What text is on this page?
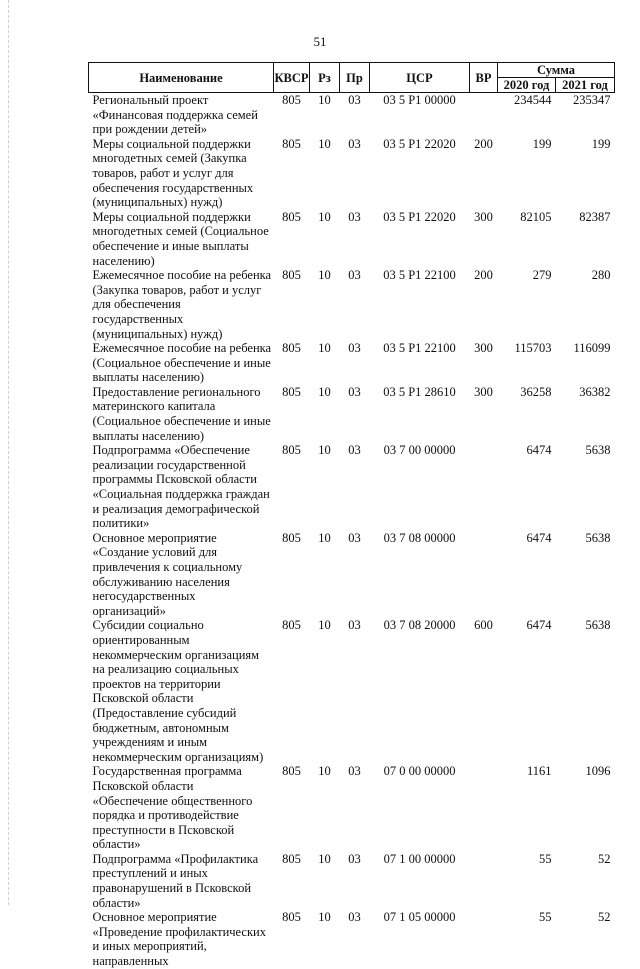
51
Наименование	КВСР	Рз	Пр	ЦСР	ВР	Сумма	
						2020 год	2021 год
Региональный проект «Финансовая поддержка семей при рождении детей»	805	10	03	03 5 P1 00000		234544	235347
Меры социальной поддержки многодетных семей (Закупка товаров, работ и услуг для обеспечения государственных (муниципальных) нужд)	805	10	03	03 5 P1 22020	200	199	199
Меры социальной поддержки многодетных семей (Социальное обеспечение и иные выплаты населению)	805	10	03	03 5 P1 22020	300	82105	82387
Ежемесячное пособие на ребенка (Закупка товаров, работ и услуг для обеспечения государственных (муниципальных) нужд)	805	10	03	03 5 P1 22100	200	279	280
Ежемесячное пособие на ребенка (Социальное обеспечение и иные выплаты населению)	805	10	03	03 5 P1 22100	300	115703	116099
Предоставление регионального материнского капитала (Социальное обеспечение и иные выплаты населению)	805	10	03	03 5 P1 28610	300	36258	36382
Подпрограмма «Обеспечение реализации государственной программы Псковской области «Социальная поддержка граждан и реализация демографической политики»	805	10	03	03 7 00 00000		6474	5638
Основное мероприятие «Создание условий для привлечения к социальному обслуживанию населения негосударственных организаций»	805	10	03	03 7 08 00000		6474	5638
Субсидии социально ориентированным некоммерческим организациям на реализацию социальных проектов на территории Псковской области (Предоставление субсидий бюджетным, автономным учреждениям и иным некоммерческим организациям)	805	10	03	03 7 08 20000	600	6474	5638
Государственная программа Псковской области «Обеспечение общественного порядка и противодействие преступности в Псковской области»	805	10	03	07 0 00 00000		1161	1096
Подпрограмма «Профилактика преступлений и иных правонарушений в Псковской области»	805	10	03	07 1 00 00000		55	52
Основное мероприятие «Проведение профилактических и иных мероприятий, направленных	805	10	03	07 1 05 00000		55	52
